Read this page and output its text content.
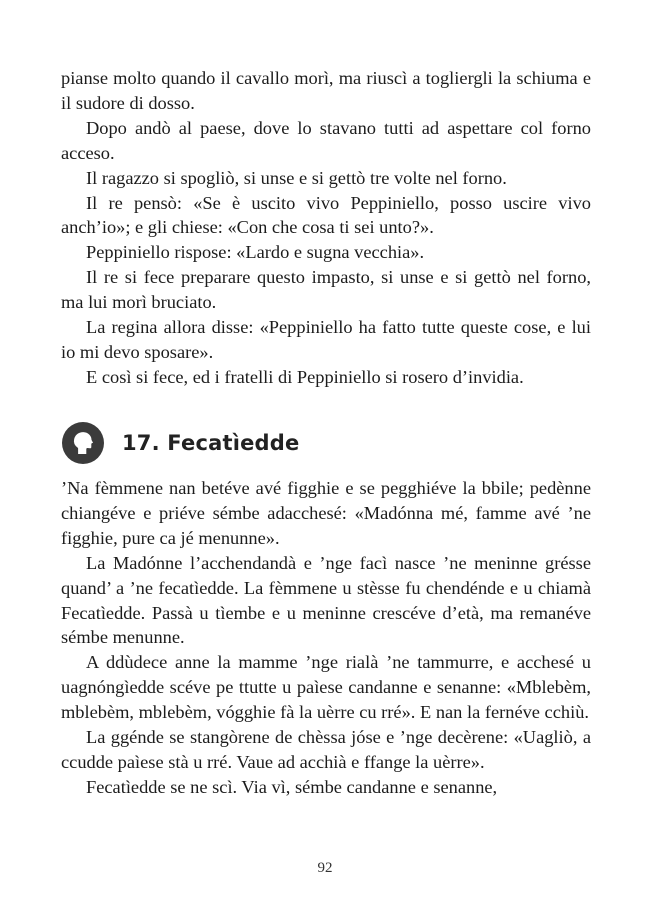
pianse molto quando il cavallo morì, ma riuscì a togliergli la schiuma e il sudore di dosso.

Dopo andò al paese, dove lo stavano tutti ad aspettare col forno acceso.

Il ragazzo si spogliò, si unse e si gettò tre volte nel forno.

Il re pensò: «Se è uscito vivo Peppiniello, posso uscire vivo anch’io»; e gli chiese: «Con che cosa ti sei unto?».

Peppiniello rispose: «Lardo e sugna vecchia».

Il re si fece preparare questo impasto, si unse e si gettò nel forno, ma lui morì bruciato.

La regina allora disse: «Peppiniello ha fatto tutte queste cose, e lui io mi devo sposare».

E così si fece, ed i fratelli di Peppiniello si rosero d’invidia.

17. Fecatìedde

’Na fèmmene nan betéve avé figghie e se pegghiéve la bbile; pedènne chiangéve e priéve sémbe adacchesé: «Madónna mé, famme avé ’ne figghie, pure ca jé menunne».

La Madónne l’acchendandà e ’nge facì nasce ’ne meninne grésse quand’ a ’ne fecatìedde. La fèmmene u stèsse fu chendénde e u chiamà Fecatìedde. Passà u tìembe e u meninne crescéve d’età, ma remanéve sémbe menunne.

A ddùdece anne la mamme ’nge rialà ’ne tammurre, e acchesé u uagnóngìedde scéve pe ttutte u paìese candanne e senanne: «Mblebèm, mblebèm, mblebèm, vógghie fà la uèrre cu rré». E nan la fernéve cchiù.

La ggénde se stangòrene de chèssa jóse e ’nge decèrene: «Uagliò, a ccudde paìese stà u rré. Vaue ad acchià e ffange la uèrre».

Fecatìedde se ne scì. Via vì, sémbe candanne e senanne,

92
